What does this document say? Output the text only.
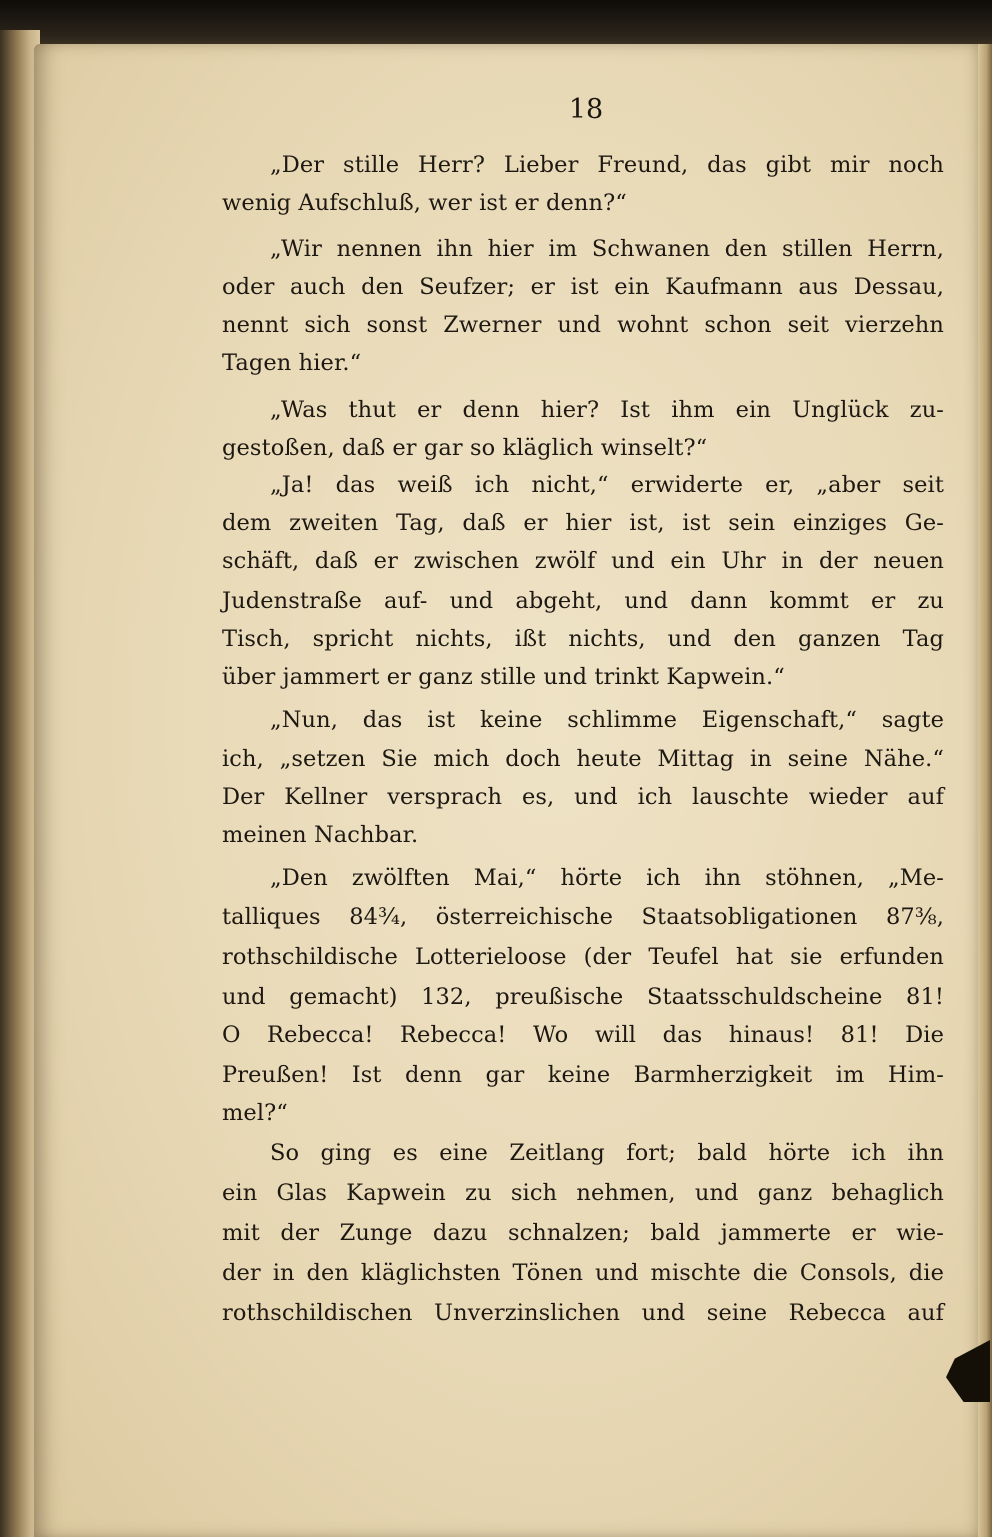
18
„Der stille Herr? Lieber Freund, das gibt mir noch
wenig Aufschluß, wer ist er denn?“
„Wir nennen ihn hier im Schwanen den stillen Herrn,
oder auch den Seufzer; er ist ein Kaufmann aus Dessau,
nennt sich sonst Zwerner und wohnt schon seit vierzehn
Tagen hier.“
„Was thut er denn hier? Ist ihm ein Unglück zu-
gestoßen, daß er gar so kläglich winselt?“
„Ja! das weiß ich nicht,“ erwiderte er, „aber seit
dem zweiten Tag, daß er hier ist, ist sein einziges Ge-
schäft, daß er zwischen zwölf und ein Uhr in der neuen
Judenstraße auf- und abgeht, und dann kommt er zu
Tisch, spricht nichts, ißt nichts, und den ganzen Tag
über jammert er ganz stille und trinkt Kapwein.“
„Nun, das ist keine schlimme Eigenschaft,“ sagte
ich, „setzen Sie mich doch heute Mittag in seine Nähe.“
Der Kellner versprach es, und ich lauschte wieder auf
meinen Nachbar.
„Den zwölften Mai,“ hörte ich ihn stöhnen, „Me-
talliques 84¾, österreichische Staatsobligationen 87⅜,
rothschildische Lotterieloose (der Teufel hat sie erfunden
und gemacht) 132, preußische Staatsschuldscheine 81!
O Rebecca! Rebecca! Wo will das hinaus! 81! Die
Preußen! Ist denn gar keine Barmherzigkeit im Him-
mel?“
So ging es eine Zeitlang fort; bald hörte ich ihn
ein Glas Kapwein zu sich nehmen, und ganz behaglich
mit der Zunge dazu schnalzen; bald jammerte er wie-
der in den kläglichsten Tönen und mischte die Consols, die
rothschildischen Unverzinslichen und seine Rebecca auf
